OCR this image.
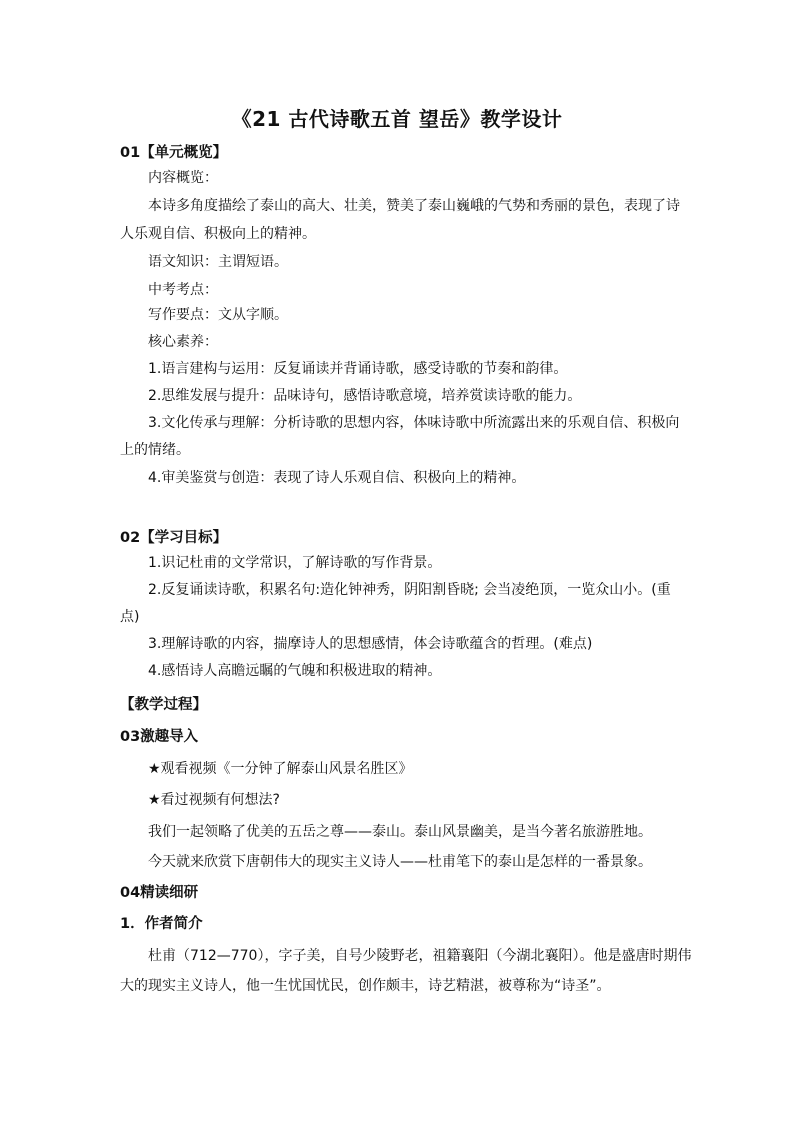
《21 古代诗歌五首 望岳》教学设计
01【单元概览】
内容概览：
本诗多角度描绘了泰山的高大、壮美，赞美了泰山巍峨的气势和秀丽的景色，表现了诗
人乐观自信、积极向上的精神。
语文知识：主谓短语。
中考考点：
写作要点：文从字顺。
核心素养：
1.语言建构与运用：反复诵读并背诵诗歌，感受诗歌的节奏和韵律。
2.思维发展与提升：品味诗句，感悟诗歌意境，培养赏读诗歌的能力。
3.文化传承与理解：分析诗歌的思想内容，体味诗歌中所流露出来的乐观自信、积极向
上的情绪。
4.审美鉴赏与创造：表现了诗人乐观自信、积极向上的精神。
02【学习目标】
1.识记杜甫的文学常识，了解诗歌的写作背景。
2.反复诵读诗歌，积累名句:造化钟神秀，阴阳割昏晓; 会当凌绝顶，一览众山小。(重
点)
3.理解诗歌的内容，揣摩诗人的思想感情，体会诗歌蕴含的哲理。(难点)
4.感悟诗人高瞻远瞩的气魄和积极进取的精神。
【教学过程】
03激趣导入
★观看视频《一分钟了解泰山风景名胜区》
★看过视频有何想法?
我们一起领略了优美的五岳之尊——泰山。泰山风景幽美，是当今著名旅游胜地。
今天就来欣赏下唐朝伟大的现实主义诗人——杜甫笔下的泰山是怎样的一番景象。
04精读细研
1．作者简介
杜甫（712—770），字子美，自号少陵野老，祖籍襄阳（今湖北襄阳）。他是盛唐时期伟
大的现实主义诗人，他一生忧国忧民，创作颇丰，诗艺精湛，被尊称为“诗圣”。
